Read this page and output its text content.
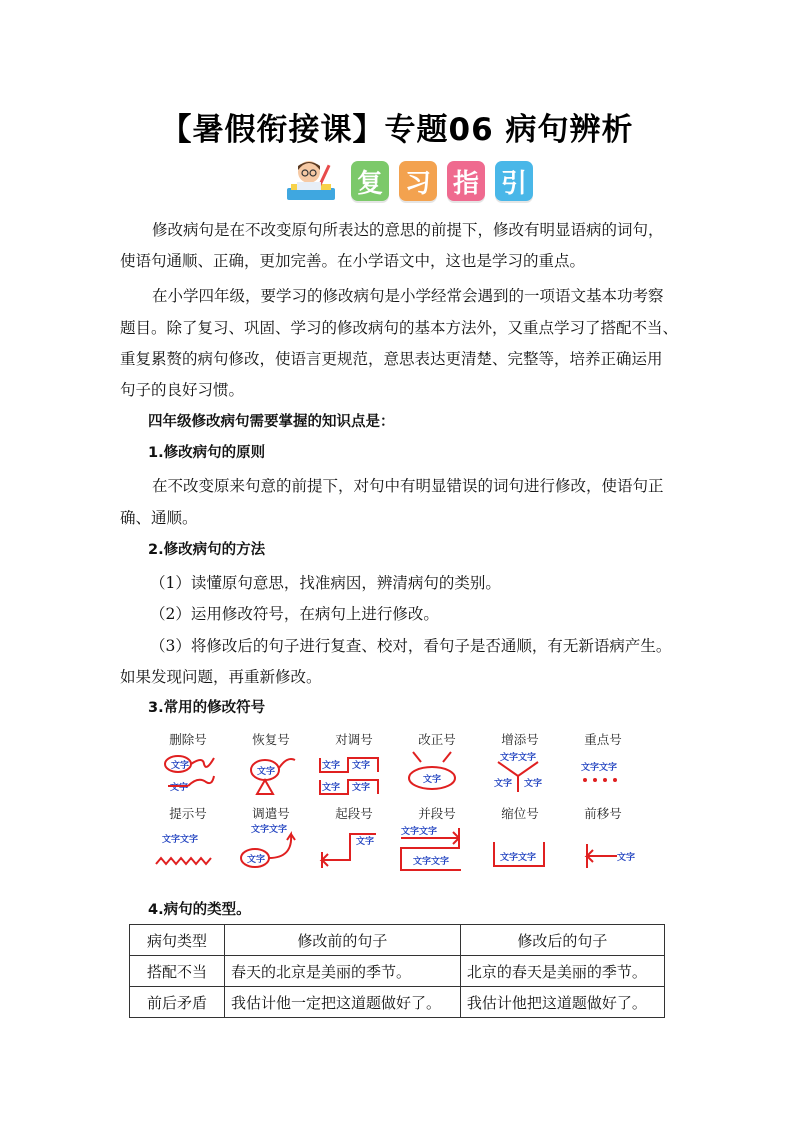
【暑假衔接课】专题06 病句辨析
复 习 指 引

修改病句是在不改变原句所表达的意思的前提下，修改有明显语病的词句，

使语句通顺、正确，更加完善。在小学语文中，这也是学习的重点。

在小学四年级，要学习的修改病句是小学经常会遇到的一项语文基本功考察

题目。除了复习、巩固、学习的修改病句的基本方法外，又重点学习了搭配不当、

重复累赘的病句修改，使语言更规范，意思表达更清楚、完整等，培养正确运用

句子的良好习惯。

四年级修改病句需要掌握的知识点是：

1.修改病句的原则

在不改变原来句意的前提下，对句中有明显错误的词句进行修改，使语句正

确、通顺。

2.修改病句的方法

（1）读懂原句意思，找准病因，辨清病句的类别。

（2）运用修改符号，在病句上进行修改。

（3）将修改后的句子进行复查、校对，看句子是否通顺，有无新语病产生。

如果发现问题，再重新修改。

3.常用的修改符号

删除号
文字
文字
恢复号
文字
对调号
文字 文字
文字 文字
改正号
文字
增添号
文字文字
文字 文字
重点号
文字文字
提示号
文字文字
调遣号
文字文字
文字
起段号
文字
并段号
文字文字
文字文字
缩位号
文字文字
前移号
文字

4.病句的类型。

病句类型	修改前的句子	修改后的句子
搭配不当	春天的北京是美丽的季节。	北京的春天是美丽的季节。
前后矛盾	我估计他一定把这道题做好了。	我估计他把这道题做好了。
